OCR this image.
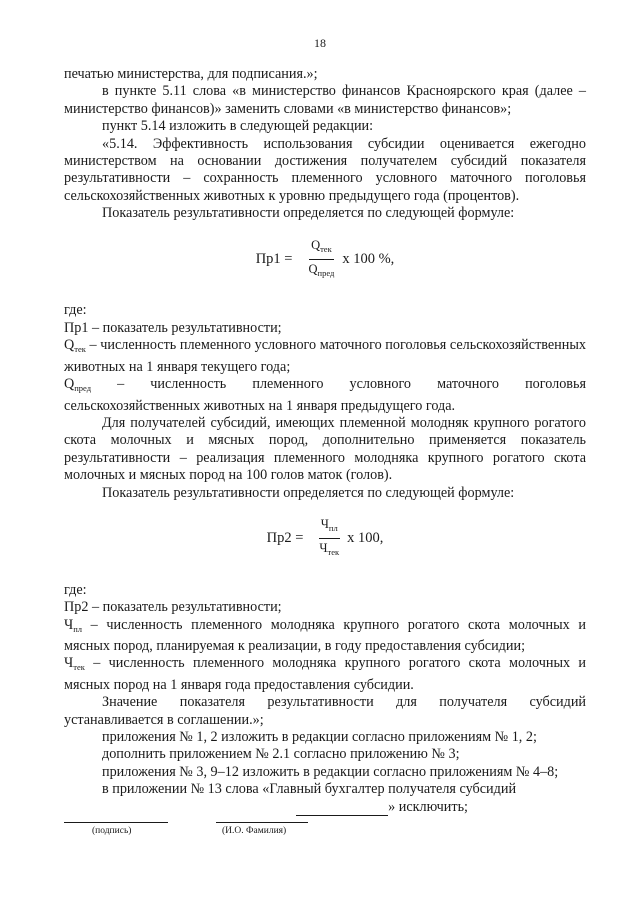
18

печатью министерства, для подписания.»;

в пункте 5.11 слова «в министерство финансов Красноярского края (далее – министерство финансов)» заменить словами «в министерство финансов»;

пункт 5.14 изложить в следующей редакции:

«5.14. Эффективность использования субсидии оценивается ежегодно министерством на основании достижения получателем субсидий показателя результативности – сохранность племенного условного маточного поголовья сельскохозяйственных животных к уровню предыдущего года (процентов).

Показатель результативности определяется по следующей формуле:

$Пр1 = \frac{Q_{тек}}{Q_{пред}}$ x 100 %,

где:

Пр1 – показатель результативности;

$Q_{тек}$ – численность племенного условного маточного поголовья сельскохозяйственных животных на 1 января текущего года;

$Q_{пред}$ – численность племенного условного маточного поголовья сельскохозяйственных животных на 1 января предыдущего года.

Для получателей субсидий, имеющих племенной молодняк крупного рогатого скота молочных и мясных пород, дополнительно применяется показатель результативности – реализация племенного молодняка крупного рогатого скота молочных и мясных пород на 100 голов маток (голов).

Показатель результативности определяется по следующей формуле:

$Пр2 = \frac{Ч_{пл}}{Ч_{тек}}$ x 100,

где:

Пр2 – показатель результативности;

$Ч_{пл}$ – численность племенного молодняка крупного рогатого скота молочных и мясных пород, планируемая к реализации, в году предоставления субсидии;

$Ч_{тек}$ – численность племенного молодняка крупного рогатого скота молочных и мясных пород на 1 января года предоставления субсидии.

Значение показателя результативности для получателя субсидий устанавливается в соглашении.»;

приложения № 1, 2 изложить в редакции согласно приложениям № 1, 2;

дополнить приложением № 2.1 согласно приложению № 3;

приложения № 3, 9–12 изложить в редакции согласно приложениям № 4–8;

в приложении № 13 слова «Главный бухгалтер получателя субсидий

» исключить;

(подпись)	(И.О. Фамилия)
